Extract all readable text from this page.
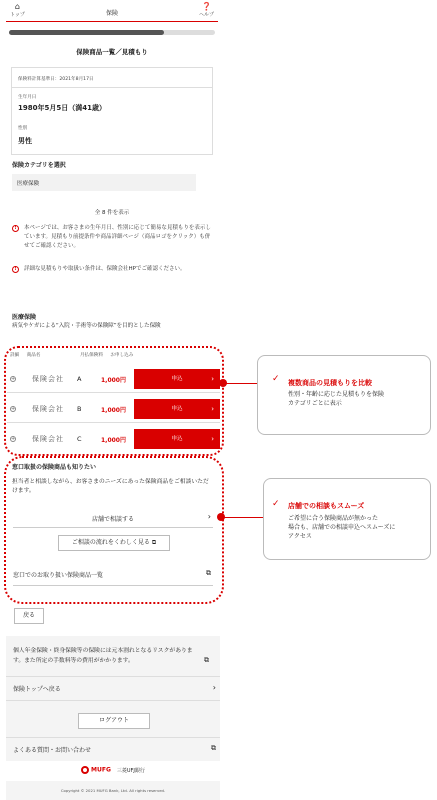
⌂
トップ	保険
❓
ヘルプ
保険商品一覧／見積もり
保険料計算基準日：2021年8月17日
生年月日
1980年5月5日（満41歳）
性別
男性
保険カテゴリを選択
医療保険
全 8 件を表示
!	本ページでは、お客さまの生年月日、性別に応じて簡易な見積もりを表示しています。見積もり前提条件や商品詳細ページ（商品ロゴをクリック）も併せてご確認ください。
!	詳細な見積もりや取扱い条件は、保険会社HPでご確認ください。
医療保険
病気やケガによる“入院・手術等の保険障”を目的とした保険
詳細 商品名	月払保険料 お申し込み
+ 保険会社 A	1,000円	申込	›
+ 保険会社 B	1,000円	申込	›
+ 保険会社 C	1,000円	申込	›
✓ 複数商品の見積もりを比較
性別・年齢に応じた見積もりを保険
カテゴリごとに表示
窓口取扱の保険商品も知りたい
担当者と相談しながら、お客さまのニーズにあった保険商品をご相談いただけます。
店舗で相談する	›
ご相談の流れをくわしく見る ⧉
窓口でのお取り扱い保険商品一覧	⧉
✓ 店舗での相談もスムーズ
ご希望に合う保険商品が無かった
場合も、店舗での相談申込へスムーズに
アクセス
戻る
個人年金保険・終身保険等の保険には元本割れとなるリスクがあります。また所定の手数料等の費用がかかります。	⧉
保険トップへ戻る	›
ログアウト
よくある質問・お問い合わせ	⧉
MUFG 三菱UFJ銀行
Copyright © 2021 MUFG Bank, Ltd. All rights reserved.
